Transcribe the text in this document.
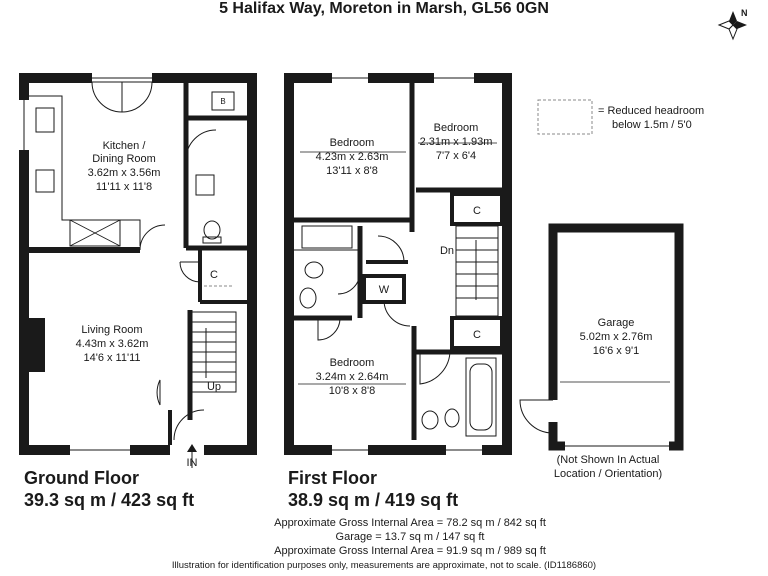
5 Halifax Way, Moreton in Marsh, GL56 0GN	N
Kitchen /
Dining Room
3.62m x 3.56m
11'11 x 11'8
Living Room
4.43m x 3.62m
14'6 x 11'11
C
B
Up
IN
Bedroom
4.23m x 2.63m
13'11 x 8'8
Bedroom
2.31m x 1.93m
7'7 x 6'4
Bedroom
3.24m x 2.64m
10'8 x 8'8
C
C
W
Dn
Garage
5.02m x 2.76m
16'6 x 9'1
= Reduced headroom
below 1.5m / 5'0
(Not Shown In Actual
Location / Orientation)
Ground Floor
39.3 sq m / 423 sq ft
First Floor
38.9 sq m / 419 sq ft
Approximate Gross Internal Area = 78.2 sq m / 842 sq ft
Garage = 13.7 sq m / 147 sq ft
Approximate Gross Internal Area = 91.9 sq m / 989 sq ft
Illustration for identification purposes only, measurements are approximate, not to scale. (ID1186860)
